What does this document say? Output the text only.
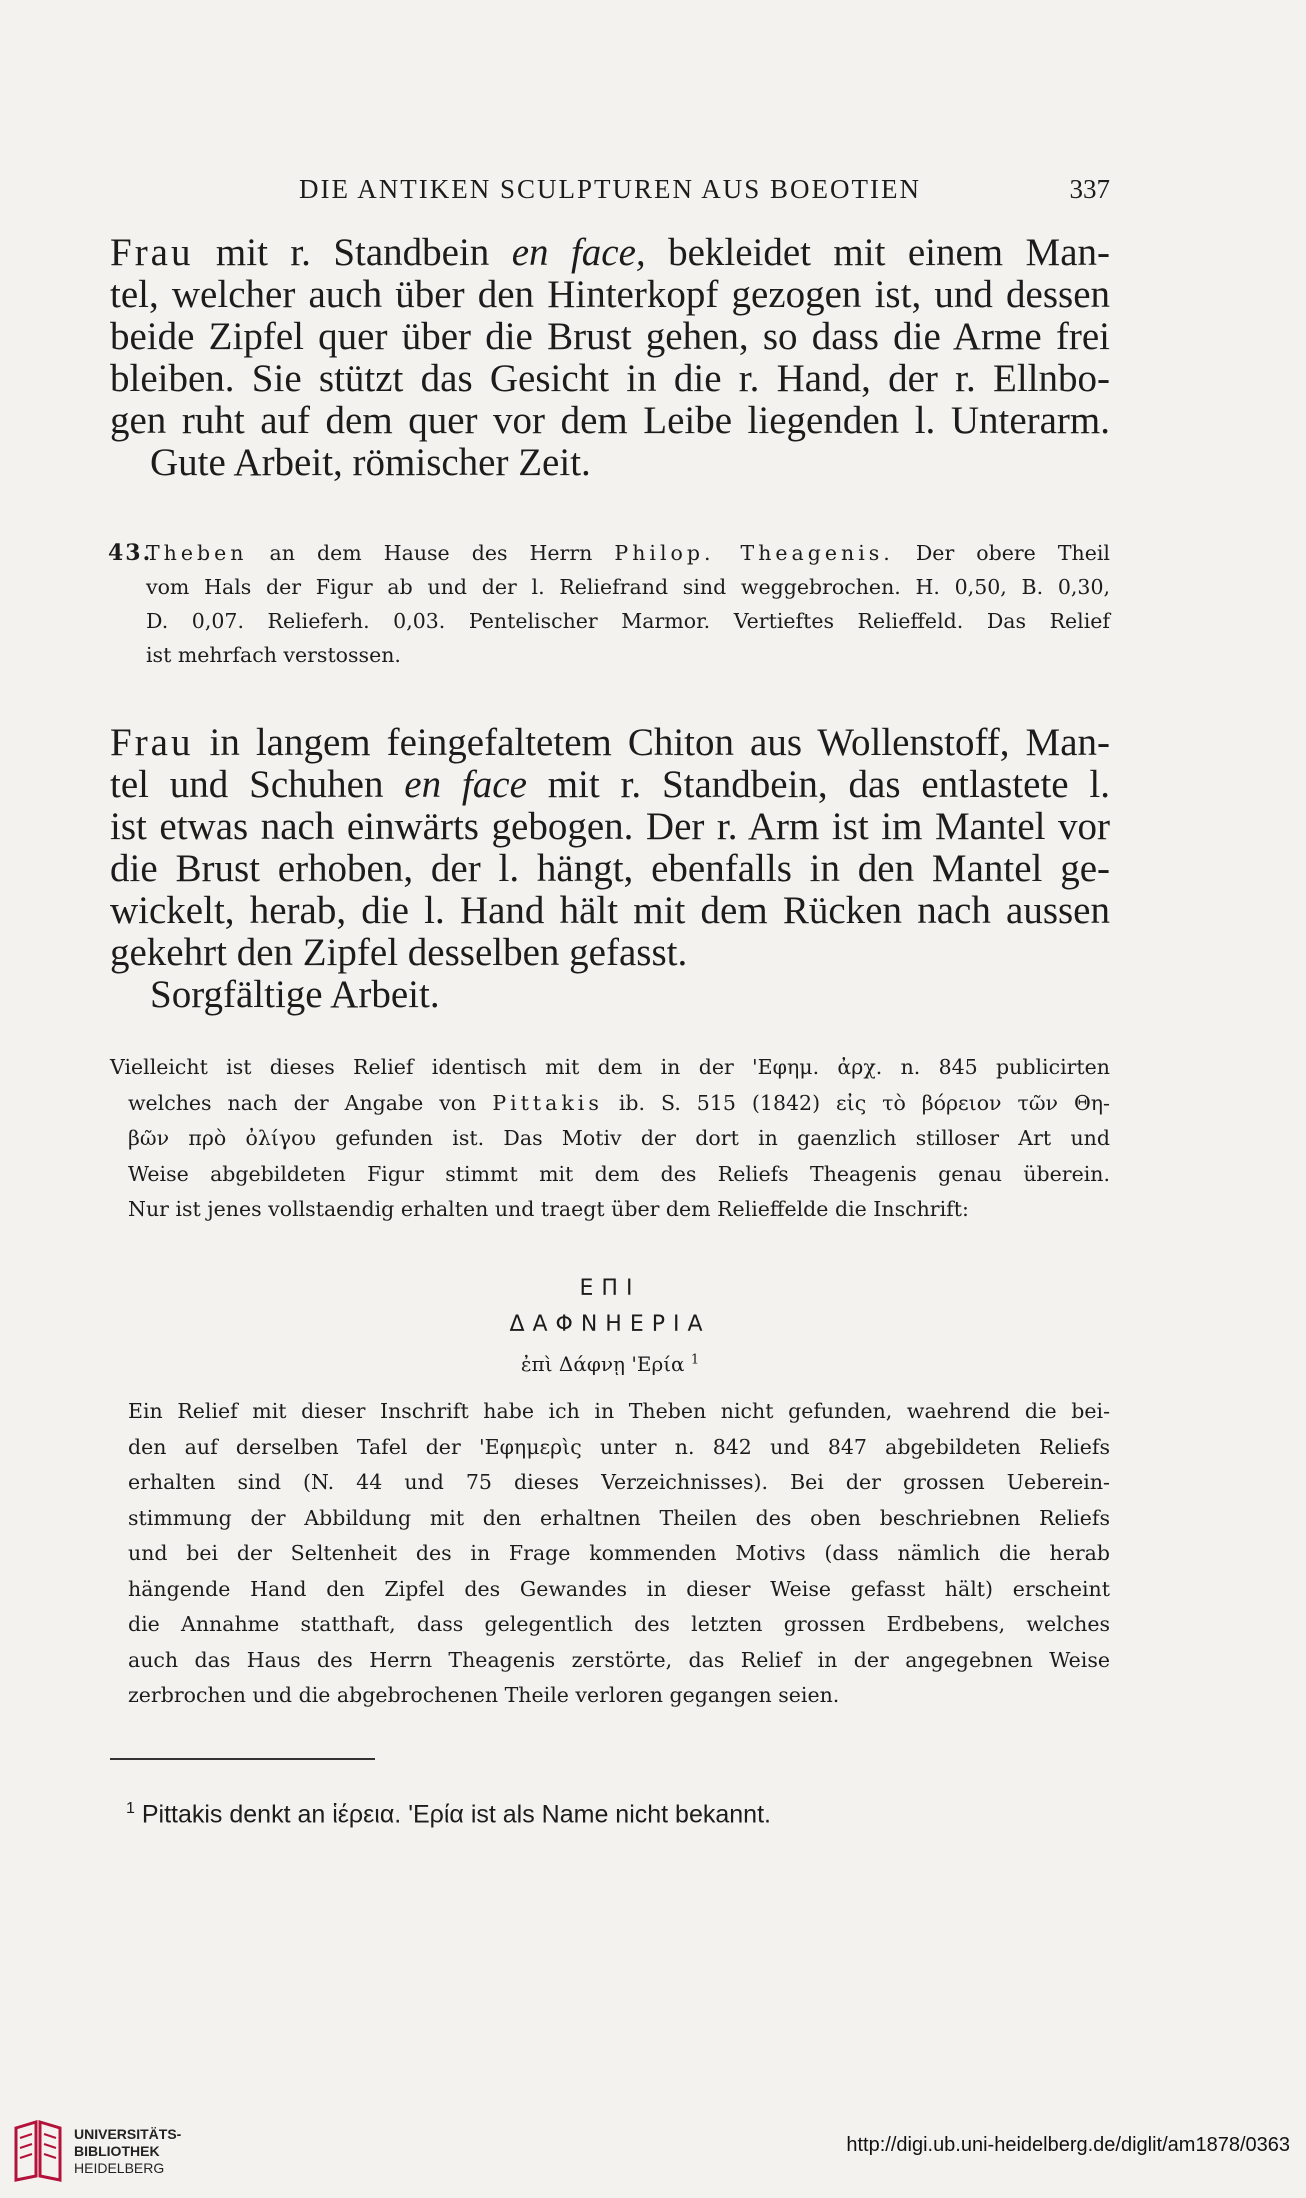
DIE ANTIKEN SCULPTUREN AUS BOEOTIEN	337

Frau mit r. Standbein en face, bekleidet mit einem Man-

tel, welcher auch über den Hinterkopf gezogen ist, und dessen

beide Zipfel quer über die Brust gehen, so dass die Arme frei

bleiben. Sie stützt das Gesicht in die r. Hand, der r. Ellnbo-

gen ruht auf dem quer vor dem Leibe liegenden l. Unterarm.

Gute Arbeit, römischer Zeit.

43.
Theben an dem Hause des Herrn Philop. Theagenis. Der obere Theil
vom Hals der Figur ab und der l. Reliefrand sind weggebrochen. H. 0,50, B. 0,30,
D. 0,07. Relieferh. 0,03. Pentelischer Marmor. Vertieftes Relieffeld. Das Relief
ist mehrfach verstossen.

Frau in langem feingefaltetem Chiton aus Wollenstoff, Man-

tel und Schuhen en face mit r. Standbein, das entlastete l.

ist etwas nach einwärts gebogen. Der r. Arm ist im Mantel vor

die Brust erhoben, der l. hängt, ebenfalls in den Mantel ge-

wickelt, herab, die l. Hand hält mit dem Rücken nach aussen

gekehrt den Zipfel desselben gefasst.

Sorgfältige Arbeit.

Vielleicht ist dieses Relief identisch mit dem in der 'Εφημ. ἀρχ. n. 845 publicirten
welches nach der Angabe von Pittakis ib. S. 515 (1842) εἰς τὸ βόρειον τῶν Θη-
βῶν πρὸ ὀλίγου gefunden ist. Das Motiv der dort in gaenzlich stilloser Art und
Weise abgebildeten Figur stimmt mit dem des Reliefs Theagenis genau überein.
Nur ist jenes vollstaendig erhalten und traegt über dem Relieffelde die Inschrift:

ΕΠΙ

ΔΑΦΝΗΕΡΙΑ

ἐπὶ Δάφνῃ 'Ερία $^1$

Ein Relief mit dieser Inschrift habe ich in Theben nicht gefunden, waehrend die bei-
den auf derselben Tafel der 'Εφημερὶς unter n. 842 und 847 abgebildeten Reliefs
erhalten sind (N. 44 und 75 dieses Verzeichnisses). Bei der grossen Ueberein-
stimmung der Abbildung mit den erhaltnen Theilen des oben beschriebnen Reliefs
und bei der Seltenheit des in Frage kommenden Motivs (dass nämlich die herab
hängende Hand den Zipfel des Gewandes in dieser Weise gefasst hält) erscheint
die Annahme statthaft, dass gelegentlich des letzten grossen Erdbebens, welches
auch das Haus des Herrn Theagenis zerstörte, das Relief in der angegebnen Weise
zerbrochen und die abgebrochenen Theile verloren gegangen seien.

$^1$ Pittakis denkt an ἱέρεια. 'Ερία ist als Name nicht bekannt.

UNIVERSITÄTS-
BIBLIOTHEK
HEIDELBERG
http://digi.ub.uni-heidelberg.de/diglit/am1878/0363
